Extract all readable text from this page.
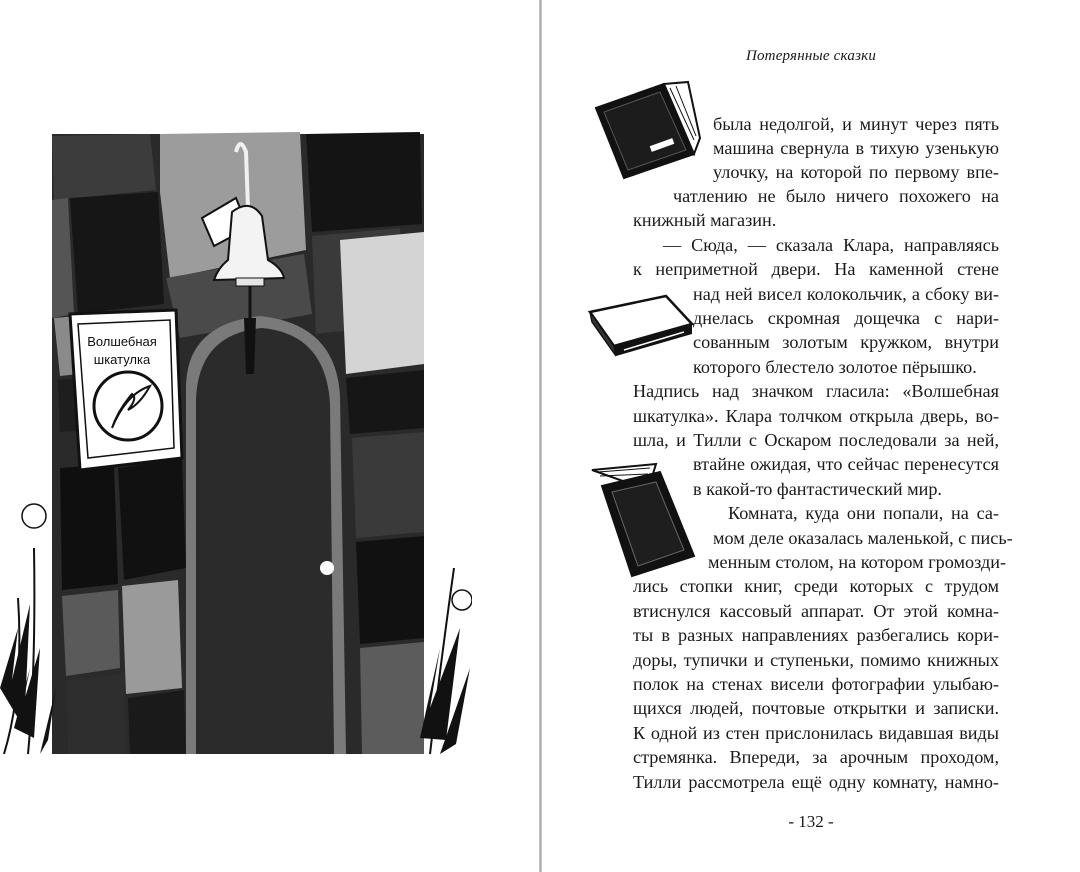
Волшебная
шкатулка
Потерянные сказки
была недолгой, и минут через пять
машина свернула в тихую узенькую
улочку, на которой по первому впе-
чатлению не было ничего похожего на
книжный магазин.
— Сюда, — сказала Клара, направляясь
к неприметной двери. На каменной стене
над ней висел колокольчик, а сбоку ви-
днелась скромная дощечка с нари-
сованным золотым кружком, внутри
которого блестело золотое пёрышко.
Надпись над значком гласила: «Волшебная
шкатулка». Клара толчком открыла дверь, во-
шла, и Тилли с Оскаром последовали за ней,
втайне ожидая, что сейчас перенесутся
в какой-то фантастический мир.
Комната, куда они попали, на са-
мом деле оказалась маленькой, с пись-
менным столом, на котором громозди-
лись стопки книг, среди которых с трудом
втиснулся кассовый аппарат. От этой комна-
ты в разных направлениях разбегались кори-
доры, тупички и ступеньки, помимо книжных
полок на стенах висели фотографии улыбаю-
щихся людей, почтовые открытки и записки.
К одной из стен прислонилась видавшая виды
стремянка. Впереди, за арочным проходом,
Тилли рассмотрела ещё одну комнату, намно-
- 132 -
